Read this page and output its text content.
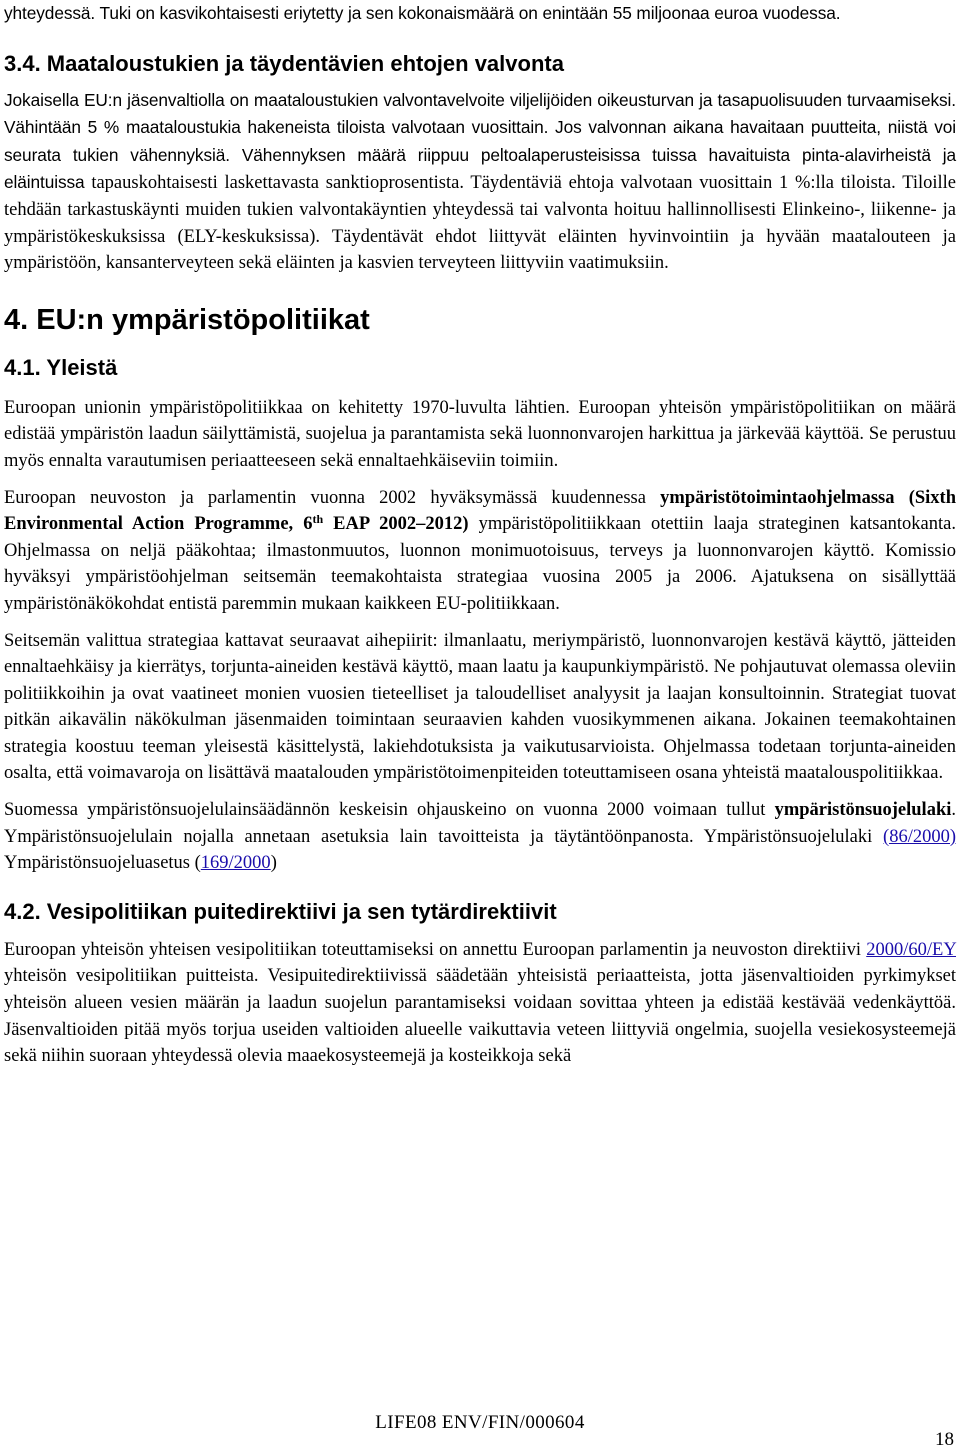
yhteydessä. Tuki on kasvikohtaisesti eriytetty ja sen kokonaismäärä on enintään 55 miljoonaa euroa vuodessa.

3.4. Maataloustukien ja täydentävien ehtojen valvonta

Jokaisella EU:n jäsenvaltiolla on maataloustukien valvontavelvoite viljelijöiden oikeusturvan ja tasapuolisuuden turvaamiseksi. Vähintään 5 % maataloustukia hakeneista tiloista valvotaan vuosittain. Jos valvonnan aikana havaitaan puutteita, niistä voi seurata tukien vähennyksiä. Vähennyksen määrä riippuu peltoalaperusteisissa tuissa havaituista pinta-alavirheistä ja eläintuissa tapauskohtaisesti laskettavasta sanktioprosentista. Täydentäviä ehtoja valvotaan vuosittain 1 %:lla tiloista. Tiloille tehdään tarkastuskäynti muiden tukien valvontakäyntien yhteydessä tai valvonta hoituu hallinnollisesti Elinkeino-, liikenne- ja ympäristökeskuksissa (ELY-keskuksissa). Täydentävät ehdot liittyvät eläinten hyvinvointiin ja hyvään maatalouteen ja ympäristöön, kansanterveyteen sekä eläinten ja kasvien terveyteen liittyviin vaatimuksiin.

4. EU:n ympäristöpolitiikat
4.1. Yleistä

Euroopan unionin ympäristöpolitiikkaa on kehitetty 1970-luvulta lähtien. Euroopan yhteisön ympäristöpolitiikan on määrä edistää ympäristön laadun säilyttämistä, suojelua ja parantamista sekä luonnonvarojen harkittua ja järkevää käyttöä. Se perustuu myös ennalta varautumisen periaatteeseen sekä ennaltaehkäiseviin toimiin.

Euroopan neuvoston ja parlamentin vuonna 2002 hyväksymässä kuudennessa ympäristötoimintaohjelmassa (Sixth Environmental Action Programme, 6th EAP 2002–2012) ympäristöpolitiikkaan otettiin laaja strateginen katsantokanta. Ohjelmassa on neljä pääkohtaa; ilmastonmuutos, luonnon monimuotoisuus, terveys ja luonnonvarojen käyttö. Komissio hyväksyi ympäristöohjelman seitsemän teemakohtaista strategiaa vuosina 2005 ja 2006. Ajatuksena on sisällyttää ympäristönäkökohdat entistä paremmin mukaan kaikkeen EU-politiikkaan.

Seitsemän valittua strategiaa kattavat seuraavat aihepiirit: ilmanlaatu, meriympäristö, luonnonvarojen kestävä käyttö, jätteiden ennaltaehkäisy ja kierrätys, torjunta-aineiden kestävä käyttö, maan laatu ja kaupunkiympäristö. Ne pohjautuvat olemassa oleviin politiikkoihin ja ovat vaatineet monien vuosien tieteelliset ja taloudelliset analyysit ja laajan konsultoinnin. Strategiat tuovat pitkän aikavälin näkökulman jäsenmaiden toimintaan seuraavien kahden vuosikymmenen aikana. Jokainen teemakohtainen strategia koostuu teeman yleisestä käsittelystä, lakiehdotuksista ja vaikutusarvioista. Ohjelmassa todetaan torjunta-aineiden osalta, että voimavaroja on lisättävä maatalouden ympäristötoimenpiteiden toteuttamiseen osana yhteistä maatalouspolitiikkaa.

Suomessa ympäristönsuojelulainsäädännön keskeisin ohjauskeino on vuonna 2000 voimaan tullut ympäristönsuojelulaki. Ympäristönsuojelulain nojalla annetaan asetuksia lain tavoitteista ja täytäntöönpanosta. Ympäristönsuojelulaki (86/2000) Ympäristönsuojeluasetus (169/2000)

4.2. Vesipolitiikan puitedirektiivi ja sen tytärdirektiivit

Euroopan yhteisön yhteisen vesipolitiikan toteuttamiseksi on annettu Euroopan parlamentin ja neuvoston direktiivi 2000/60/EY yhteisön vesipolitiikan puitteista. Vesipuitedirektiivissä säädetään yhteisistä periaatteista, jotta jäsenvaltioiden pyrkimykset yhteisön alueen vesien määrän ja laadun suojelun parantamiseksi voidaan sovittaa yhteen ja edistää kestävää vedenkäyttöä. Jäsenvaltioiden pitää myös torjua useiden valtioiden alueelle vaikuttavia veteen liittyviä ongelmia, suojella vesiekosysteemejä sekä niihin suoraan yhteydessä olevia maaekosysteemejä ja kosteikkoja sekä

LIFE08 ENV/FIN/000604
18
